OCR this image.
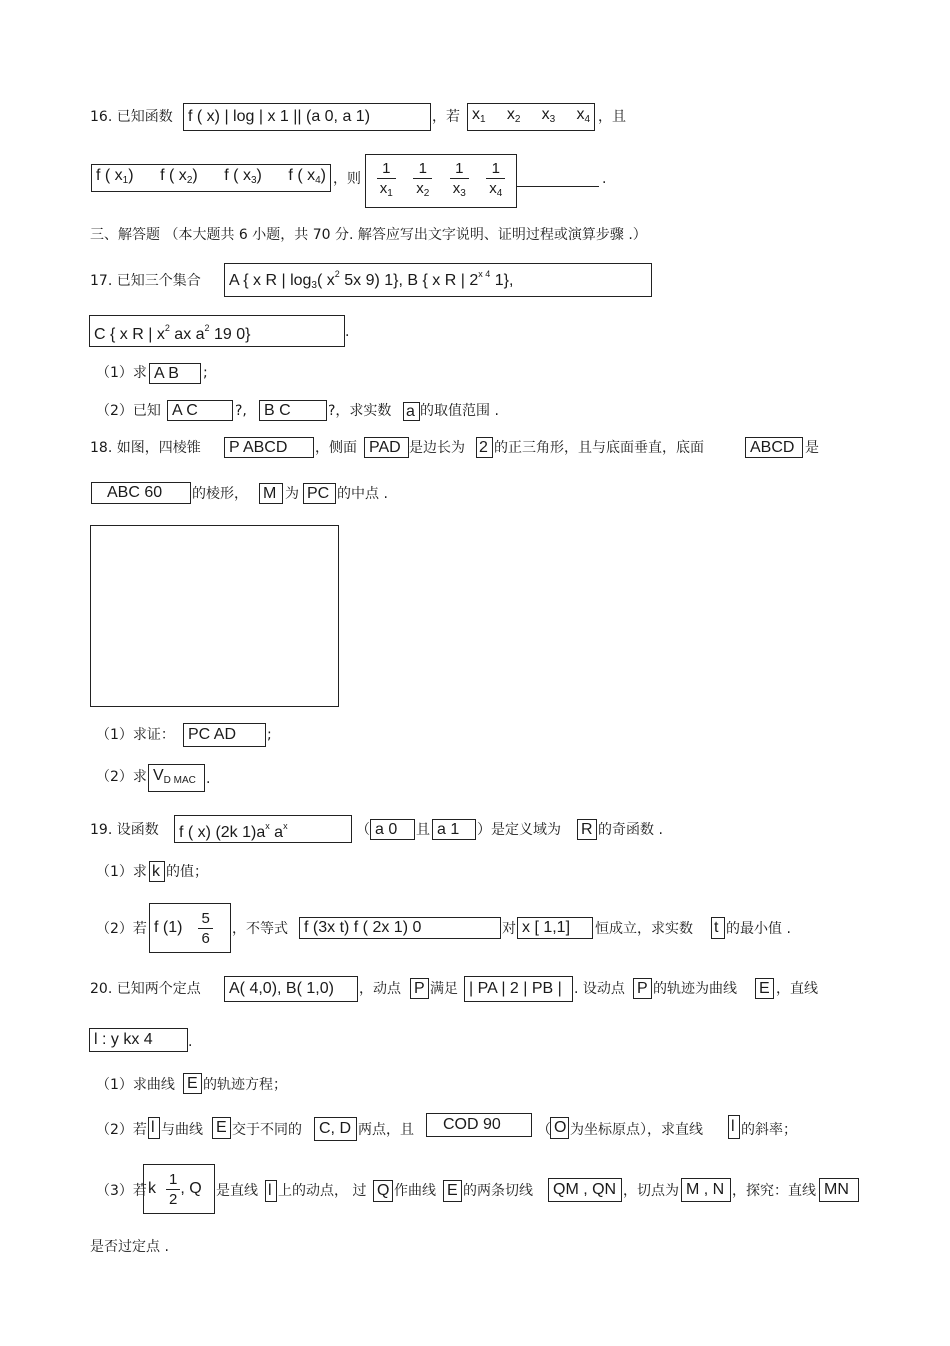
16. 已知函数 f ( x) | log | x 1 || (a 0, a 1)	，若 $x_1$ $x_2$ $x_3$ $x_4$ ，且
f ( $x_1$) f ( $x_2$) f ( $x_3$) f ( $x_4$) ，则 $\frac{1}{x_1} \frac{1}{x_2} \frac{1}{x_3} \frac{1}{x_4}$	.
三、解答题 （本大题共 6 小题，共 70 分. 解答应写出文字说明、证明过程或演算步骤 .）
17. 已知三个集合 A { x R | $\log_3$( $x^2$ 5x 9) 1}, B { x R | $2^{x 4}$ 1},
C { x R | $x^2$ ax $a^2$ 19 0}	.
（1）求 A B ;
（2）已知 A C	?, B C	?，求实数 a 的取值范围 .
18. 如图，四棱锥 P ABCD ，侧面 PAD 是边长为 2 的正三角形，且与底面垂直，底面	ABCD 是
ABC 60 的棱形， M 为 PC 的中点 .
（1）求证： PC AD ;
（2）求 $V_{D MAC}$ .
19. 设函数 f ( x) (2k $1)a^x$ $a^x$	（ a 0 且 a 1 ）是定义域为 R 的奇函数 .
（1）求 k 的值；
（2）若 f $(1) \frac{5}{6}$ ，不等式 f (3x t) f ( 2x 1) 0	对 x [ 1,1] 恒成立，求实数 t 的最小值 .
20. 已知两个定点 A( 4,0), B( 1,0) ，动点 P 满足 | PA | 2 | PB | . 设动点 P 的轨迹为曲线 E ，直线
l : y kx 4	.
（1）求曲线 E 的轨迹方程；
（2）若 l 与曲线 E 交于不同的 C, D 两点，且 COD 90	（ O 为坐标原点），求直线 l 的斜率；
（3）若 k $\frac{1}{2}$ , Q 是直线 l 上的动点， 过 Q 作曲线 E 的两条切线 QM , QN ，切点为 M , N ，探究：直线 MN
是否过定点 .
